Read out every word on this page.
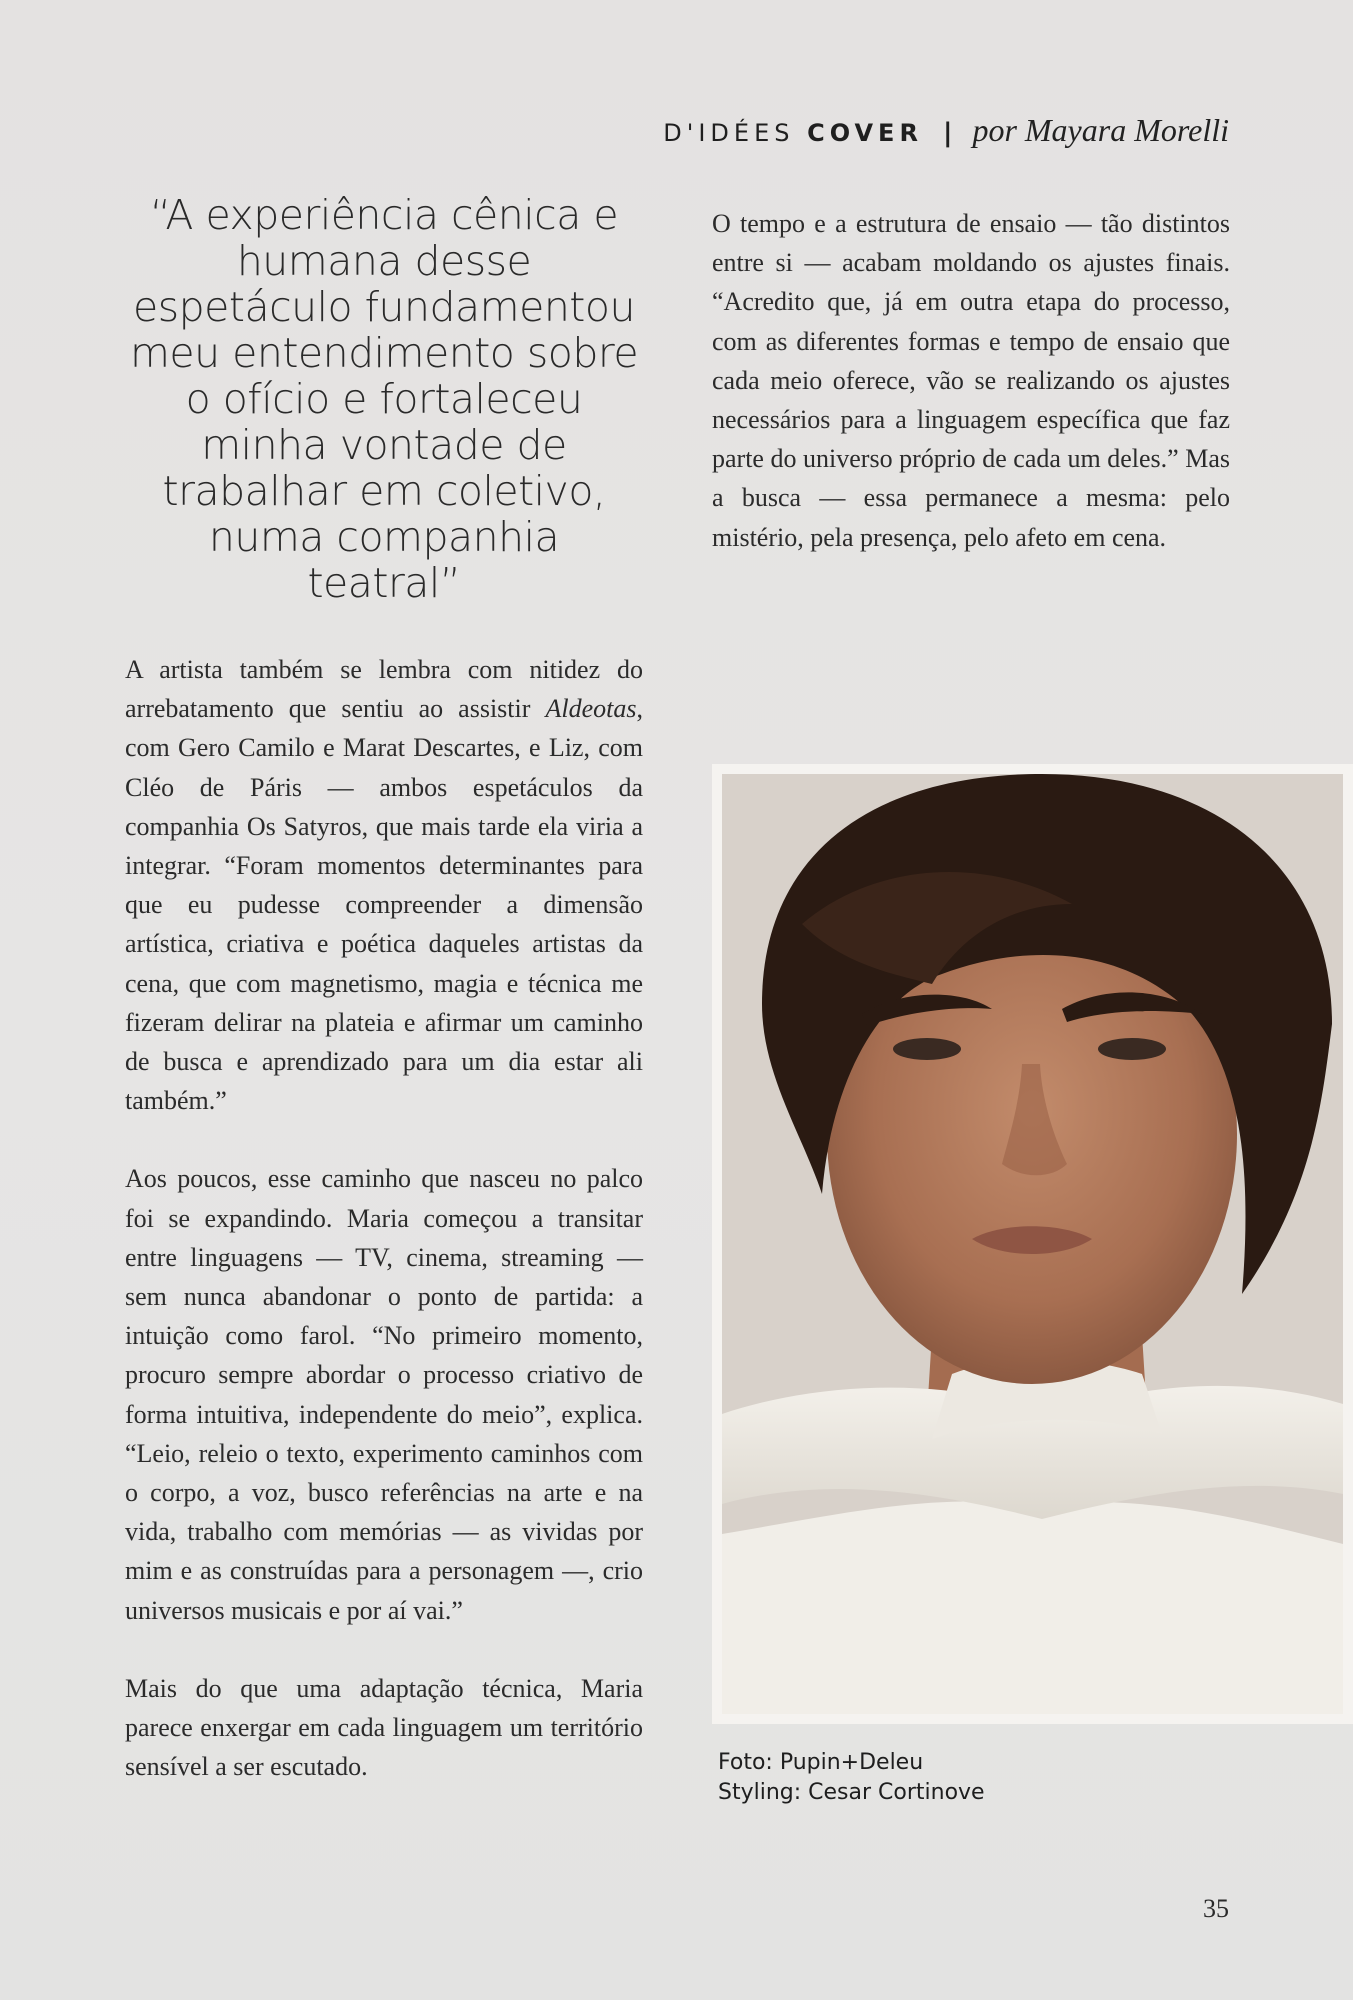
D'IDÉES COVER | por Mayara Morelli

“A experiência cênica e humana desse espetáculo fundamentou meu entendimento sobre o ofício e fortaleceu minha vontade de trabalhar em coletivo, numa companhia teatral”

A artista também se lembra com nitidez do arrebatamento que sentiu ao assistir Aldeotas, com Gero Camilo e Marat Descartes, e Liz, com Cléo de Páris — ambos espetáculos da companhia Os Satyros, que mais tarde ela viria a integrar. “Foram momentos determinantes para que eu pudesse compreender a dimensão artística, criativa e poética daqueles artistas da cena, que com magnetismo, magia e técnica me fizeram delirar na plateia e afirmar um caminho de busca e aprendizado para um dia estar ali também.”

Aos poucos, esse caminho que nasceu no palco foi se expandindo. Maria começou a transitar entre linguagens — TV, cinema, streaming — sem nunca abandonar o ponto de partida: a intuição como farol. “No primeiro momento, procuro sempre abordar o processo criativo de forma intuitiva, independente do meio”, explica. “Leio, releio o texto, experimento caminhos com o corpo, a voz, busco referências na arte e na vida, trabalho com memórias — as vividas por mim e as construídas para a personagem —, crio universos musicais e por aí vai.”

Mais do que uma adaptação técnica, Maria parece enxergar em cada linguagem um território sensível a ser escutado.

O tempo e a estrutura de ensaio — tão distintos entre si — acabam moldando os ajustes finais. “Acredito que, já em outra etapa do processo, com as diferentes formas e tempo de ensaio que cada meio oferece, vão se realizando os ajustes necessários para a linguagem específica que faz parte do universo próprio de cada um deles.” Mas a busca — essa permanece a mesma: pelo mistério, pela presença, pelo afeto em cena.

Foto: Pupin+Deleu
Styling: Cesar Cortinove
35
